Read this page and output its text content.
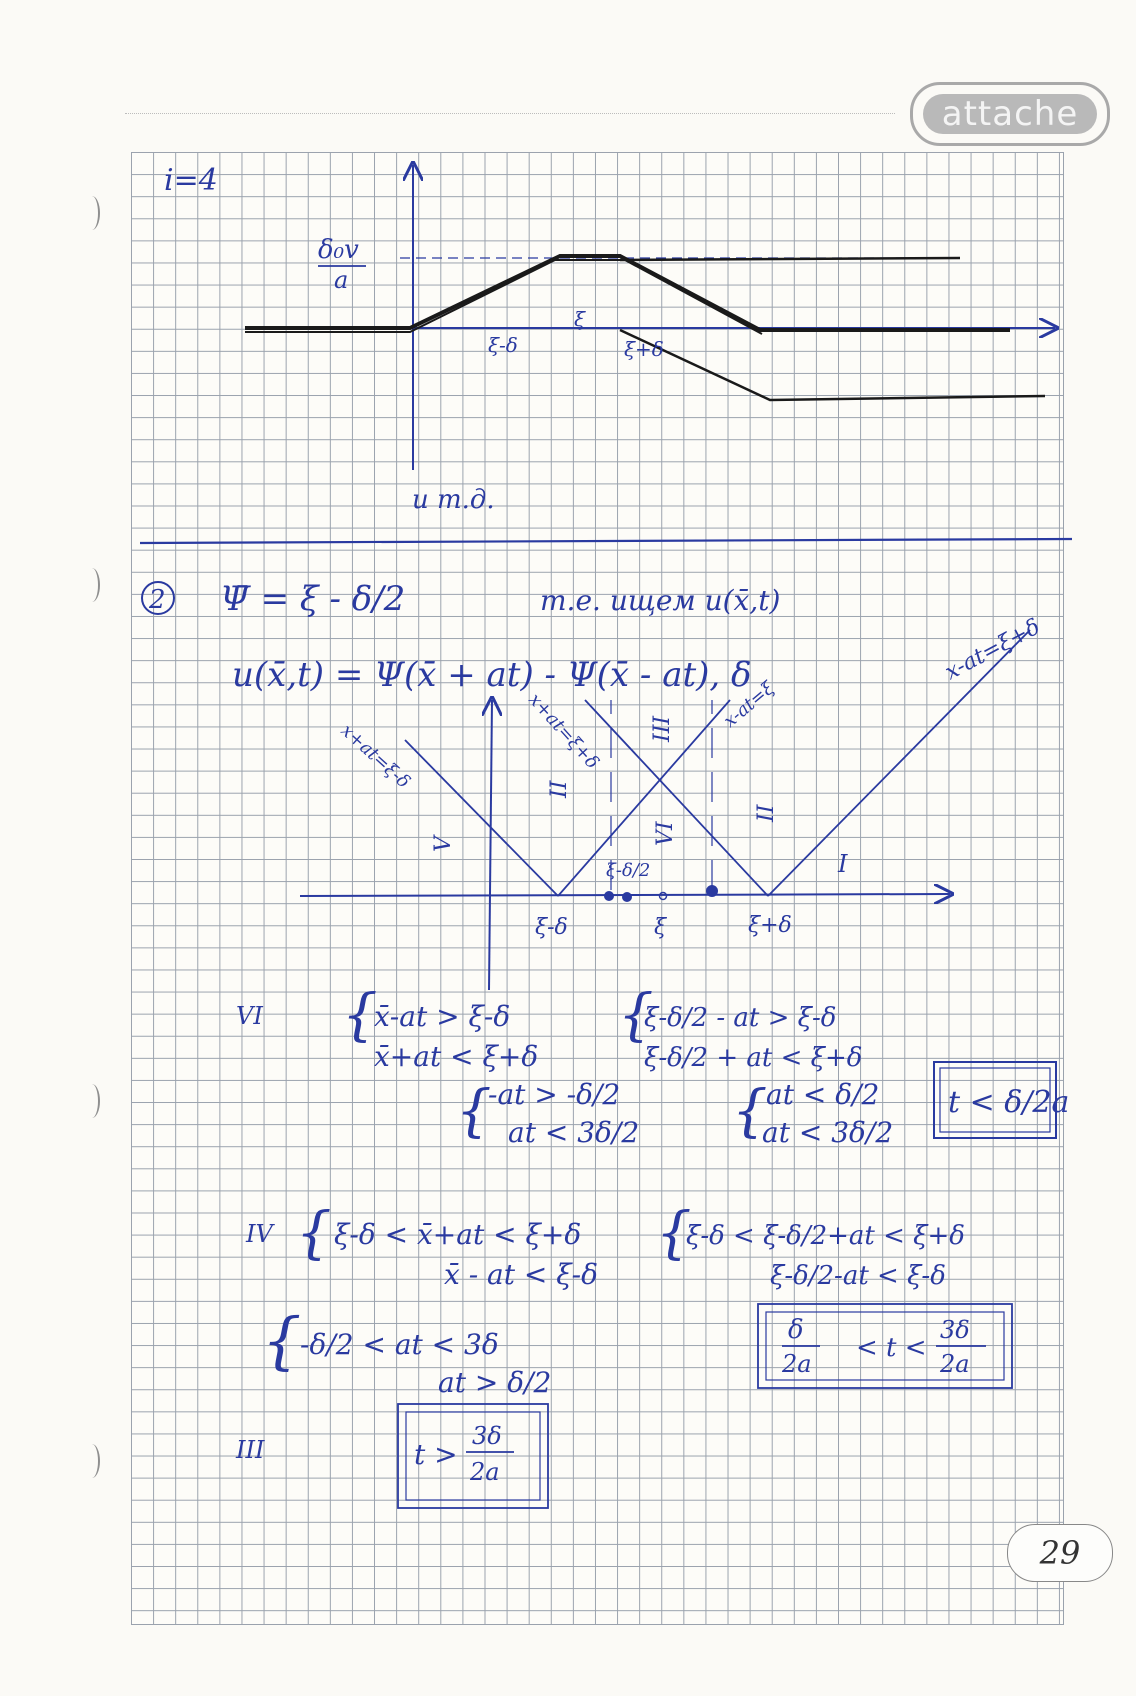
attache
i=4
δ₀v
a
ξ-δ
ξ
ξ+δ
и т.д.
2 Ψ̄ = ξ - δ/2	т.е. ищем u(x̄,t)
u(x̄,t) = Ψ(x̄ + at) - Ψ(x̄ - at), δ
x+at=ξ-δ	x+at=ξ+δ	x-at=ξ
x-at=ξ+δ
V
II
III
II
VI
I
ξ-δ	ξ	ξ+δ
ξ-δ/2
VI {
x̄-at > ξ-δ
x̄+at < ξ+δ
{
ξ-δ/2 - at > ξ-δ
ξ-δ/2 + at < ξ+δ
{
-at > -δ/2
at < 3δ/2 {
at < δ/2
at < 3δ/2
t < δ/2a
IV { ξ-δ < x̄+at < ξ+δ
x̄ - at < ξ-δ
{
ξ-δ < ξ-δ/2+at < ξ+δ
ξ-δ/2-at < ξ-δ
{
-δ/2 < at < 3δ
at > δ/2
δ
2a
< t <
3δ
2a
III	t >
3δ
2a
29
